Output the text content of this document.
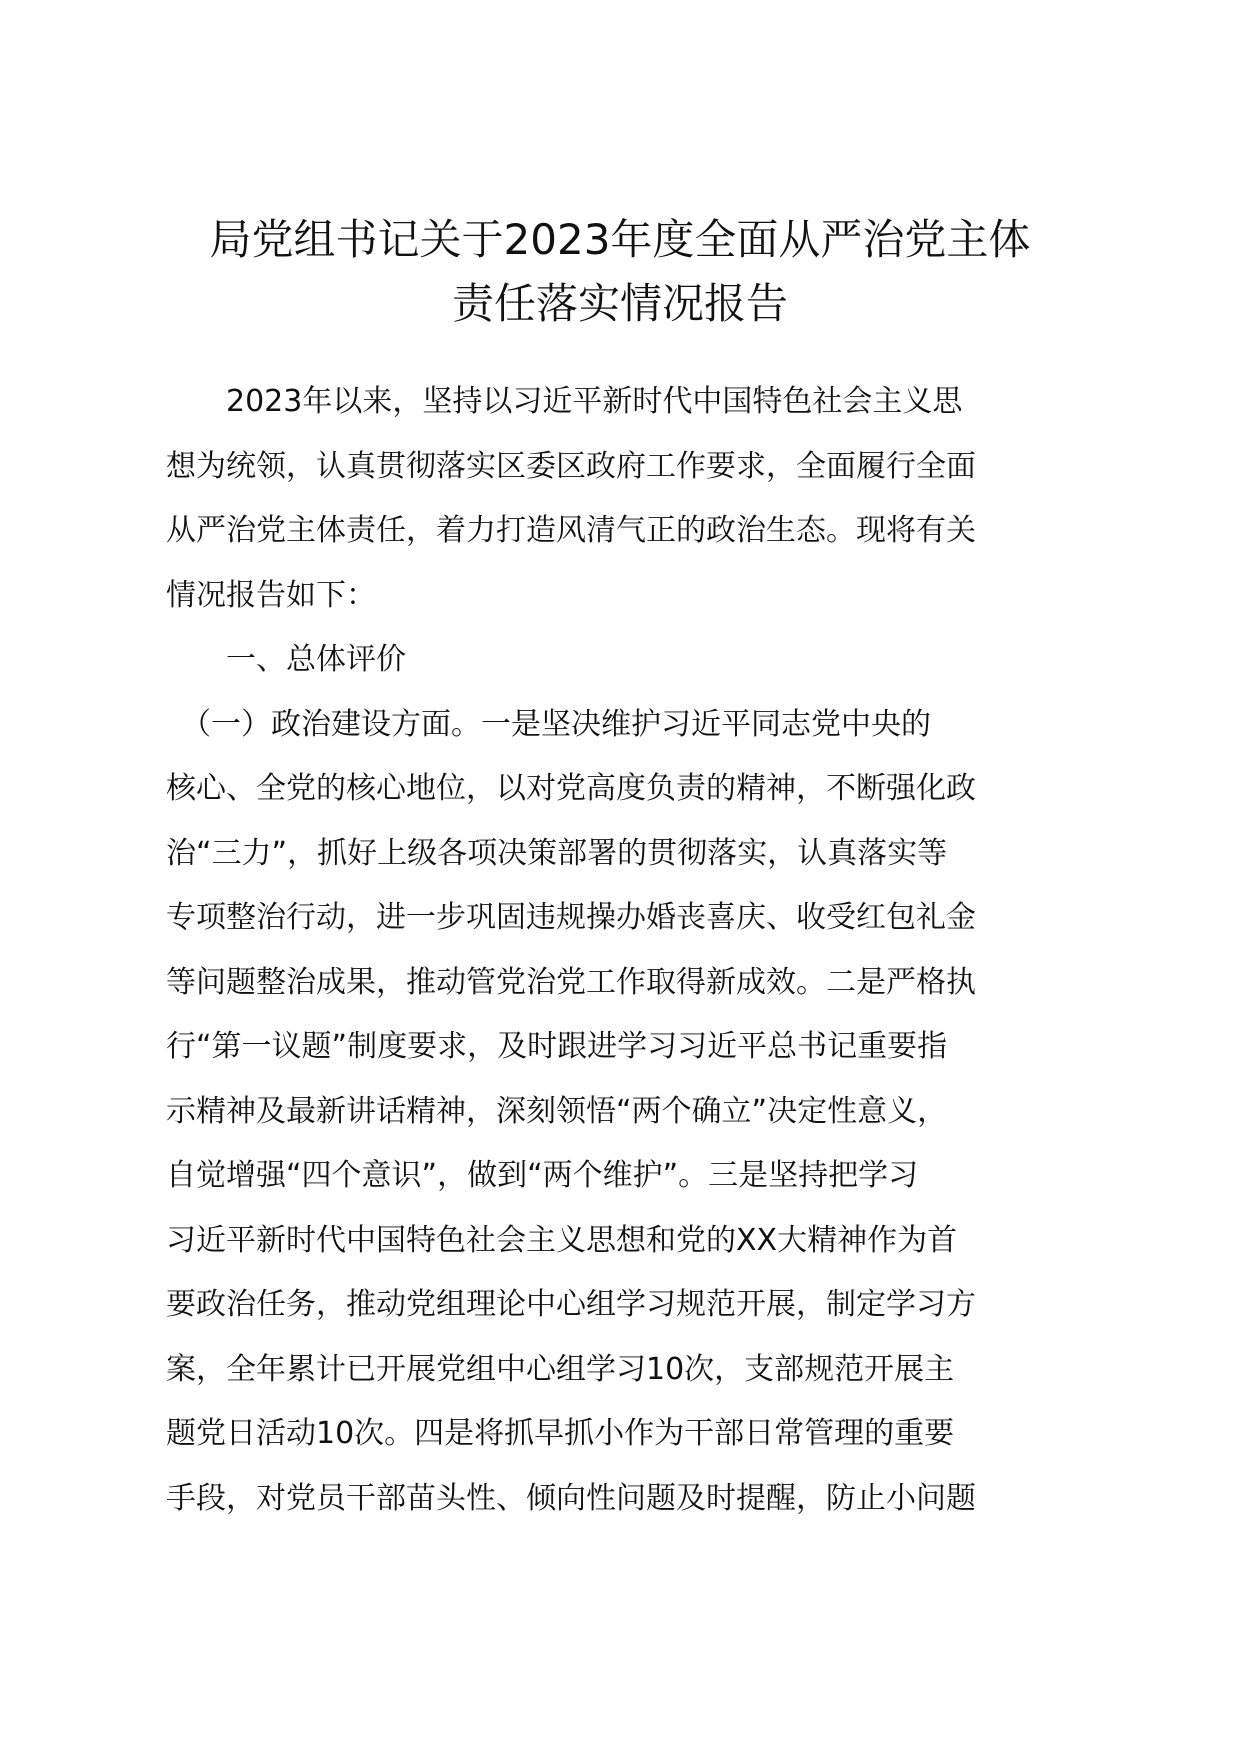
局党组书记关于2023年度全面从严治党主体
责任落实情况报告
　　2023年以来，坚持以习近平新时代中国特色社会主义思
想为统领，认真贯彻落实区委区政府工作要求，全面履行全面
从严治党主体责任，着力打造风清气正的政治生态。现将有关
情况报告如下：
　　一、总体评价
　（一）政治建设方面。一是坚决维护习近平同志党中央的
核心、全党的核心地位，以对党高度负责的精神，不断强化政
治“三力”，抓好上级各项决策部署的贯彻落实，认真落实等
专项整治行动，进一步巩固违规操办婚丧喜庆、收受红包礼金
等问题整治成果，推动管党治党工作取得新成效。二是严格执
行“第一议题”制度要求，及时跟进学习习近平总书记重要指
示精神及最新讲话精神，深刻领悟“两个确立”决定性意义，
自觉增强“四个意识”，做到“两个维护”。三是坚持把学习
习近平新时代中国特色社会主义思想和党的XX大精神作为首
要政治任务，推动党组理论中心组学习规范开展，制定学习方
案，全年累计已开展党组中心组学习10次，支部规范开展主
题党日活动10次。四是将抓早抓小作为干部日常管理的重要
手段，对党员干部苗头性、倾向性问题及时提醒，防止小问题
